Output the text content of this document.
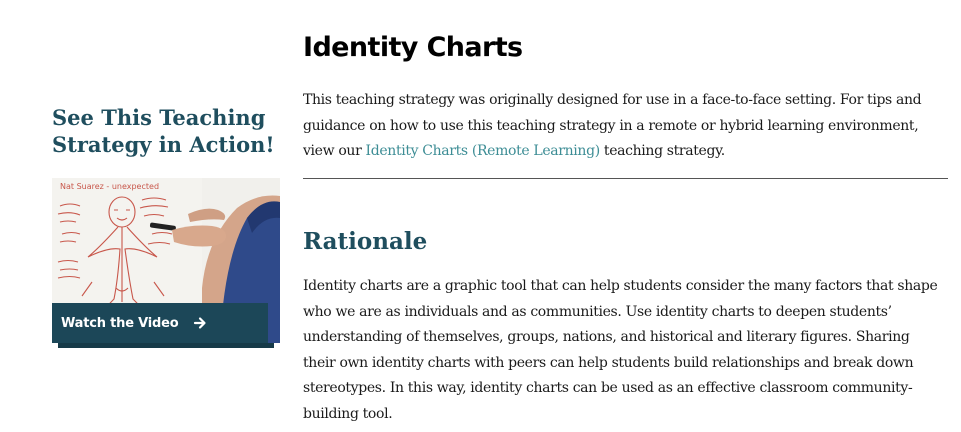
See This Teaching Strategy in Action!
Nat Suarez - unexpected
Watch the Video
Identity Charts

This teaching strategy was originally designed for use in a face-to-face setting. For tips and guidance on how to use this teaching strategy in a remote or hybrid learning environment, view our Identity Charts (Remote Learning) teaching strategy.

Rationale

Identity charts are a graphic tool that can help students consider the many factors that shape who we are as individuals and as communities. Use identity charts to deepen students’ understanding of themselves, groups, nations, and historical and literary figures. Sharing their own identity charts with peers can help students build relationships and break down stereotypes. In this way, identity charts can be used as an effective classroom community-building tool.
